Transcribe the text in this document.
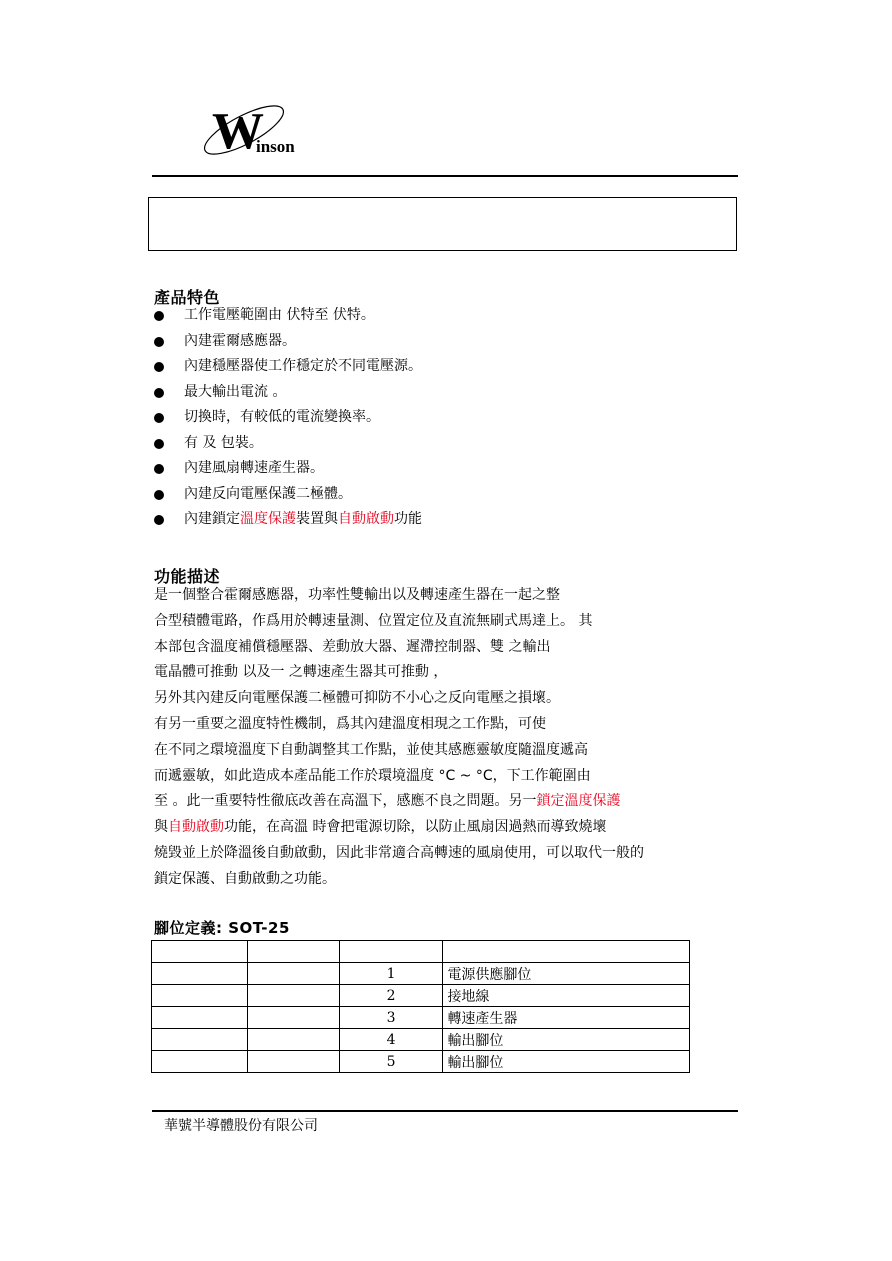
W
inson
產品特色
工作電壓範圍由 伏特至 伏特。
內建霍爾感應器。
內建穩壓器使工作穩定於不同電壓源。
最大輸出電流 。
切換時，有較低的電流變換率。
有 及 包裝。
內建風扇轉速產生器。
內建反向電壓保護二極體。
內建鎖定溫度保護裝置與自動啟動功能
功能描述
是一個整合霍爾感應器，功率性雙輸出以及轉速產生器在一起之整
合型積體電路，作爲用於轉速量測、位置定位及直流無刷式馬達上。 其
本部包含溫度補償穩壓器、差動放大器、遲滯控制器、雙 之輸出
電晶體可推動 以及一 之轉速產生器其可推動 ，
另外其內建反向電壓保護二極體可抑防不小心之反向電壓之損壞。
有另一重要之溫度特性機制，爲其內建溫度相現之工作點，可使
在不同之環境溫度下自動調整其工作點，並使其感應靈敏度隨溫度遞高
而遞靈敏，如此造成本產品能工作於環境溫度 °C ~ °C，下工作範圍由
至 。此一重要特性徹底改善在高溫下，感應不良之問題。另一鎖定溫度保護
與自動啟動功能，在高溫 時會把電源切除，以防止風扇因過熱而導致燒壞
燒毀並上於降溫後自動啟動，因此非常適合高轉速的風扇使用，可以取代一般的
鎖定保護、自動啟動之功能。
腳位定義: SOT-25

		1	電源供應腳位
		2	接地線
		3	轉速產生器
		4	輸出腳位
		5	輸出腳位
華號半導體股份有限公司
